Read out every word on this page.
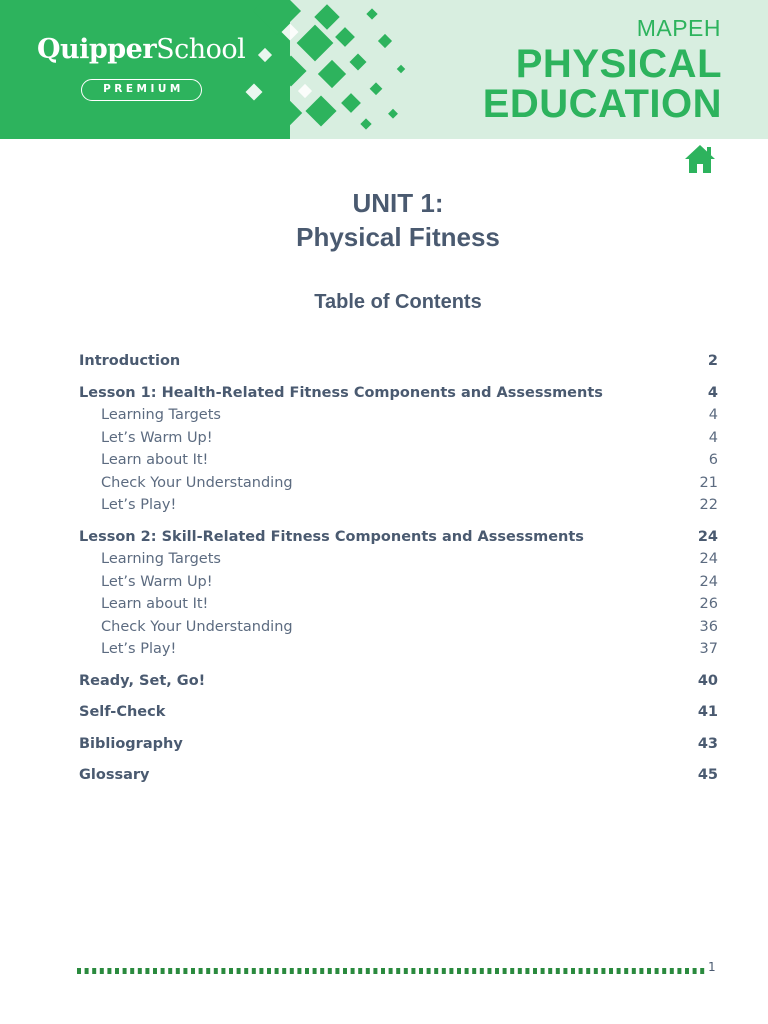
QuipperSchool
PREMIUM
MAPEH
PHYSICAL
EDUCATION
UNIT 1:
Physical Fitness
Table of Contents
Introduction	2
Lesson 1: Health-Related Fitness Components and Assessments	4
Learning Targets	4
Let’s Warm Up!	4
Learn about It!	6
Check Your Understanding	21
Let’s Play!	22
Lesson 2: Skill-Related Fitness Components and Assessments	24
Learning Targets	24
Let’s Warm Up!	24
Learn about It!	26
Check Your Understanding	36
Let’s Play!	37
Ready, Set, Go!	40
Self-Check	41
Bibliography	43
Glossary	45
1
